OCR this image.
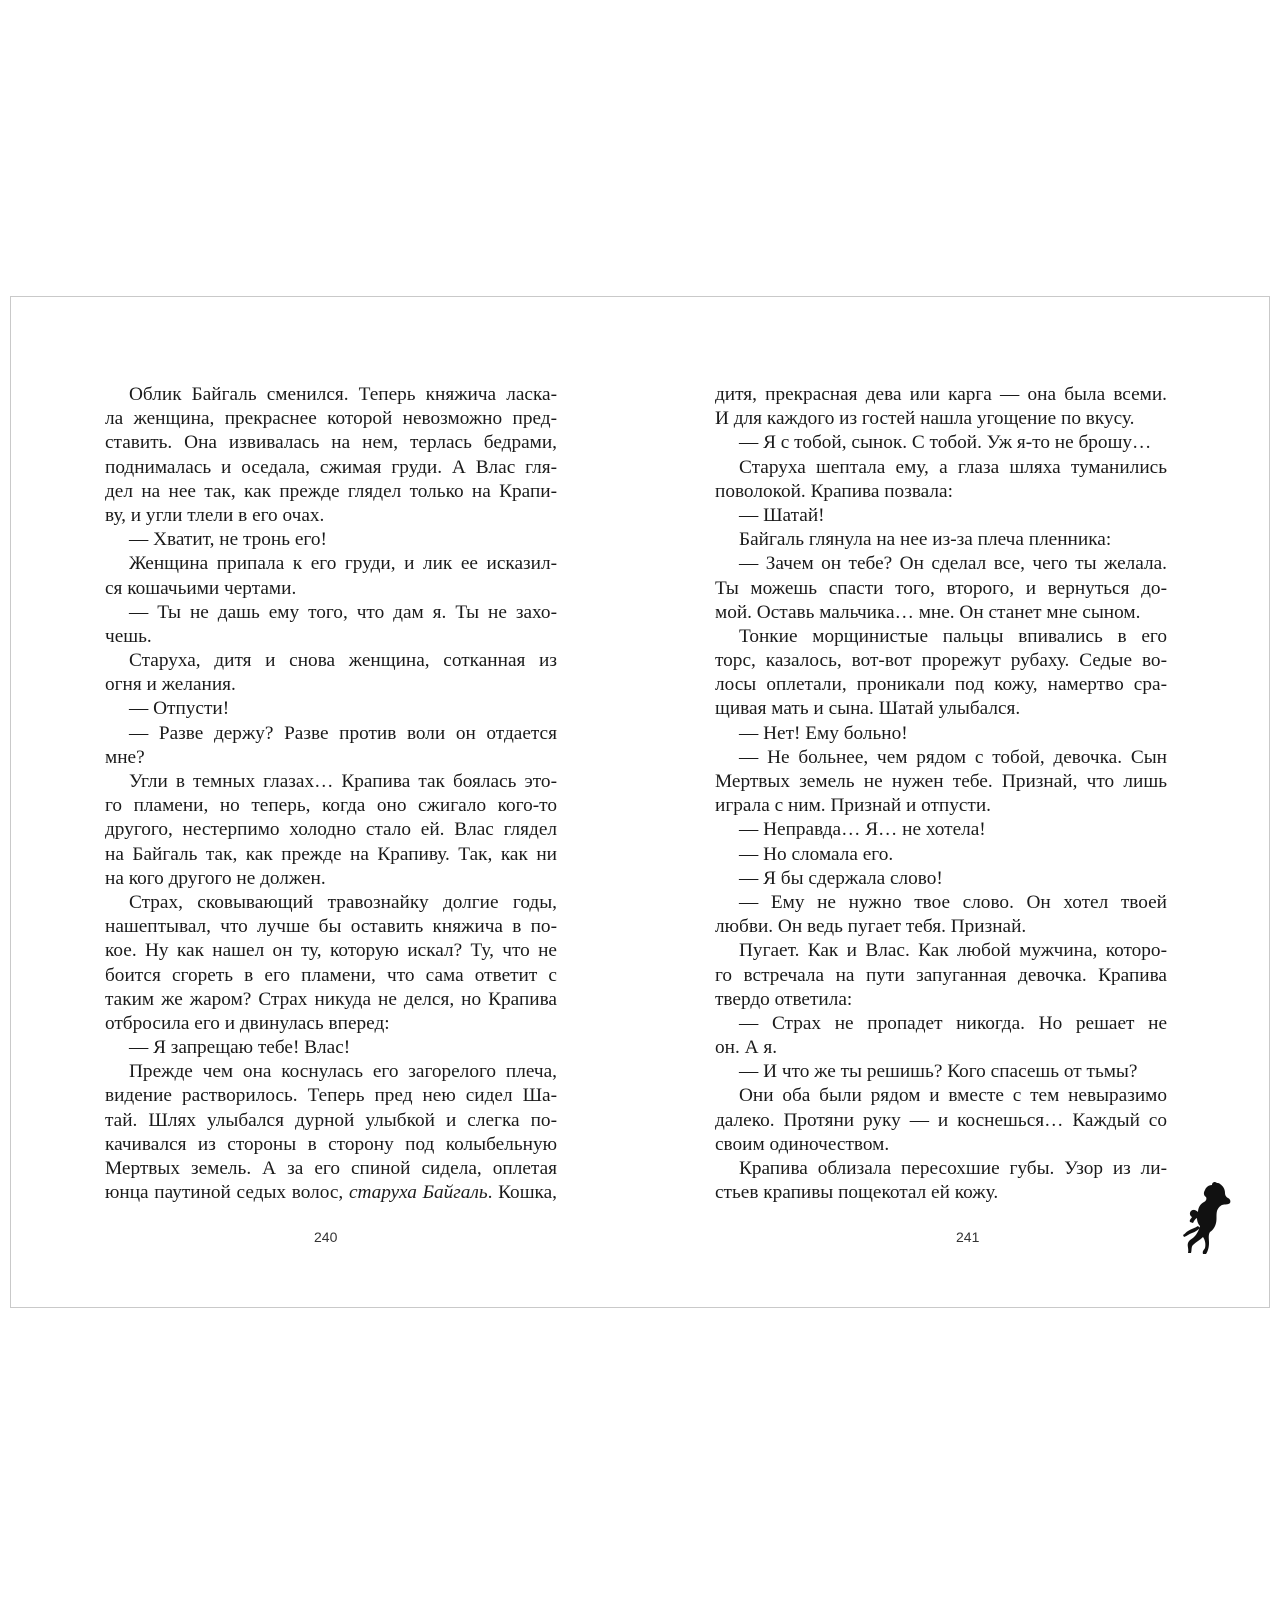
Облик Байгаль сменился. Теперь княжича ласка-
ла женщина, прекраснее которой невозможно пред-
ставить. Она извивалась на нем, терлась бедрами,
поднималась и оседала, сжимая груди. А Влас гля-
дел на нее так, как прежде глядел только на Крапи-
ву, и угли тлели в его очах.
— Хватит, не тронь его!
Женщина припала к его груди, и лик ее исказил-
ся кошачьими чертами.
— Ты не дашь ему того, что дам я. Ты не захо-
чешь.
Старуха, дитя и снова женщина, сотканная из
огня и желания.
— Отпусти!
— Разве держу? Разве против воли он отдается
мне?
Угли в темных глазах… Крапива так боялась это-
го пламени, но теперь, когда оно сжигало кого-то
другого, нестерпимо холодно стало ей. Влас глядел
на Байгаль так, как прежде на Крапиву. Так, как ни
на кого другого не должен.
Страх, сковывающий травознайку долгие годы,
нашептывал, что лучше бы оставить княжича в по-
кое. Ну как нашел он ту, которую искал? Ту, что не
боится сгореть в его пламени, что сама ответит с
таким же жаром? Страх никуда не делся, но Крапива
отбросила его и двинулась вперед:
— Я запрещаю тебе! Влас!
Прежде чем она коснулась его загорелого плеча,
видение растворилось. Теперь пред нею сидел Ша-
тай. Шлях улыбался дурной улыбкой и слегка по-
качивался из стороны в сторону под колыбельную
Мертвых земель. А за его спиной сидела, оплетая
юнца паутиной седых волос, старуха Байгаль. Кошка,
240
дитя, прекрасная дева или карга — она была всеми.
И для каждого из гостей нашла угощение по вкусу.
— Я с тобой, сынок. С тобой. Уж я-то не брошу…
Старуха шептала ему, а глаза шляха туманились
поволокой. Крапива позвала:
— Шатай!
Байгаль глянула на нее из-за плеча пленника:
— Зачем он тебе? Он сделал все, чего ты желала.
Ты можешь спасти того, второго, и вернуться до-
мой. Оставь мальчика… мне. Он станет мне сыном.
Тонкие морщинистые пальцы впивались в его
торс, казалось, вот-вот прорежут рубаху. Седые во-
лосы оплетали, проникали под кожу, намертво сра-
щивая мать и сына. Шатай улыбался.
— Нет! Ему больно!
— Не больнее, чем рядом с тобой, девочка. Сын
Мертвых земель не нужен тебе. Признай, что лишь
играла с ним. Признай и отпусти.
— Неправда… Я… не хотела!
— Но сломала его.
— Я бы сдержала слово!
— Ему не нужно твое слово. Он хотел твоей
любви. Он ведь пугает тебя. Признай.
Пугает. Как и Влас. Как любой мужчина, которо-
го встречала на пути запуганная девочка. Крапива
твердо ответила:
— Страх не пропадет никогда. Но решает не
он. А я.
— И что же ты решишь? Кого спасешь от тьмы?
Они оба были рядом и вместе с тем невыразимо
далеко. Протяни руку — и коснешься… Каждый со
своим одиночеством.
Крапива облизала пересохшие губы. Узор из ли-
стьев крапивы пощекотал ей кожу.
241
